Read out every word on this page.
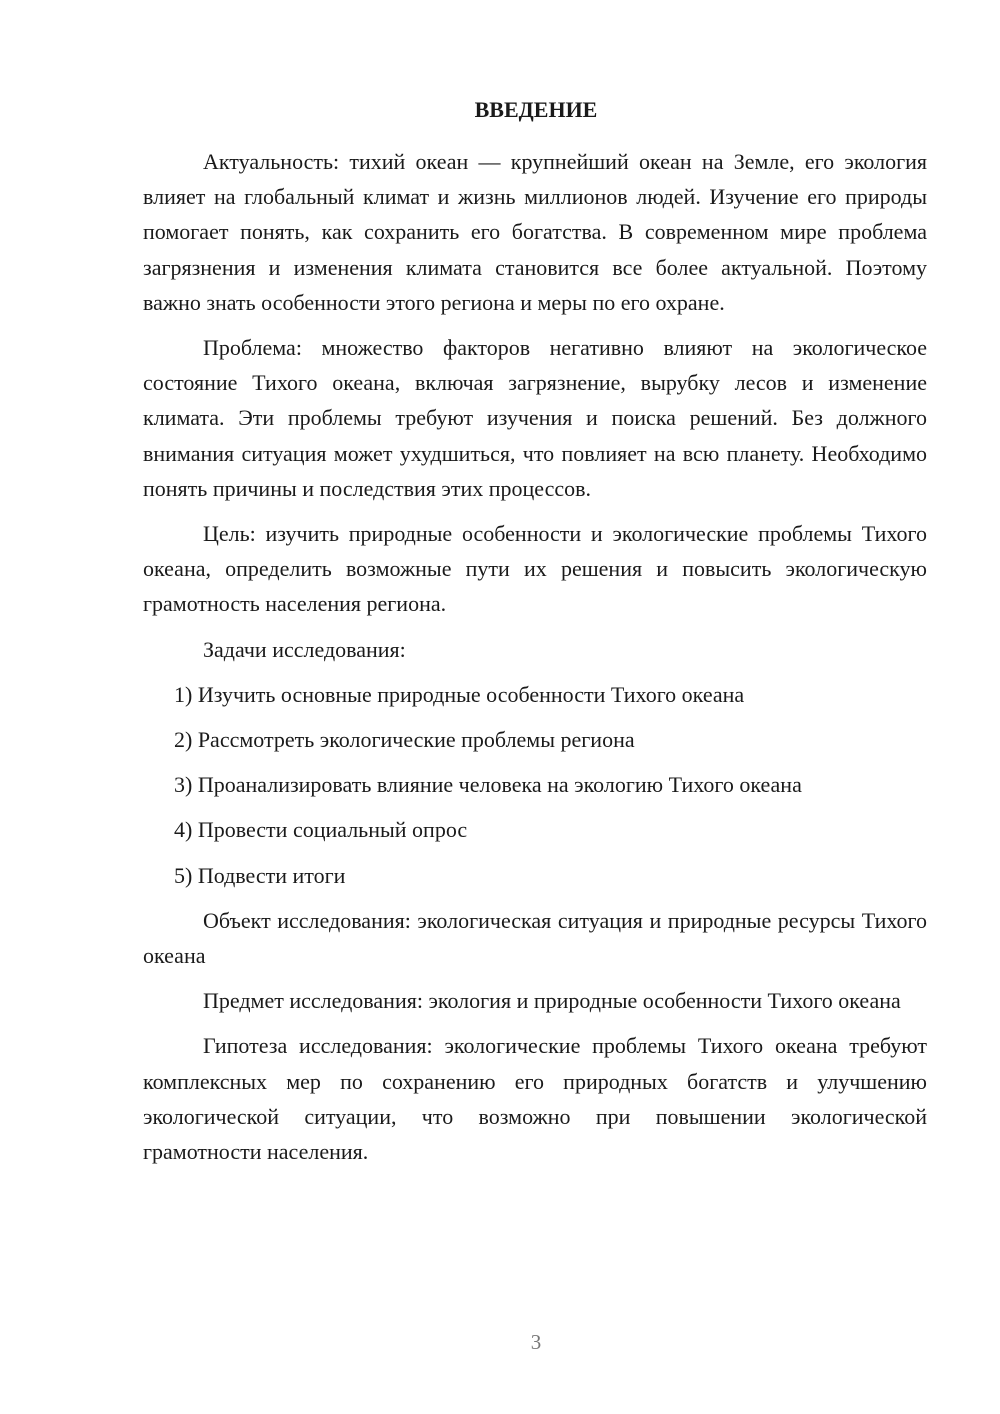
ВВЕДЕНИЕ

Актуальность: тихий океан — крупнейший океан на Земле, его экология влияет на глобальный климат и жизнь миллионов людей. Изучение его природы помогает понять, как сохранить его богатства. В современном мире проблема загрязнения и изменения климата становится все более актуальной. Поэтому важно знать особенности этого региона и меры по его охране.

Проблема: множество факторов негативно влияют на экологическое состояние Тихого океана, включая загрязнение, вырубку лесов и изменение климата. Эти проблемы требуют изучения и поиска решений. Без должного внимания ситуация может ухудшиться, что повлияет на всю планету. Необходимо понять причины и последствия этих процессов.

Цель: изучить природные особенности и экологические проблемы Тихого океана, определить возможные пути их решения и повысить экологическую грамотность населения региона.

Задачи исследования:

1) Изучить основные природные особенности Тихого океана
2) Рассмотреть экологические проблемы региона
3) Проанализировать влияние человека на экологию Тихого океана
4) Провести социальный опрос
5) Подвести итоги

Объект исследования: экологическая ситуация и природные ресурсы Тихого океана

Предмет исследования: экология и природные особенности Тихого океана

Гипотеза исследования: экологические проблемы Тихого океана требуют комплексных мер по сохранению его природных богатств и улучшению экологической ситуации, что возможно при повышении экологической грамотности населения.

3
